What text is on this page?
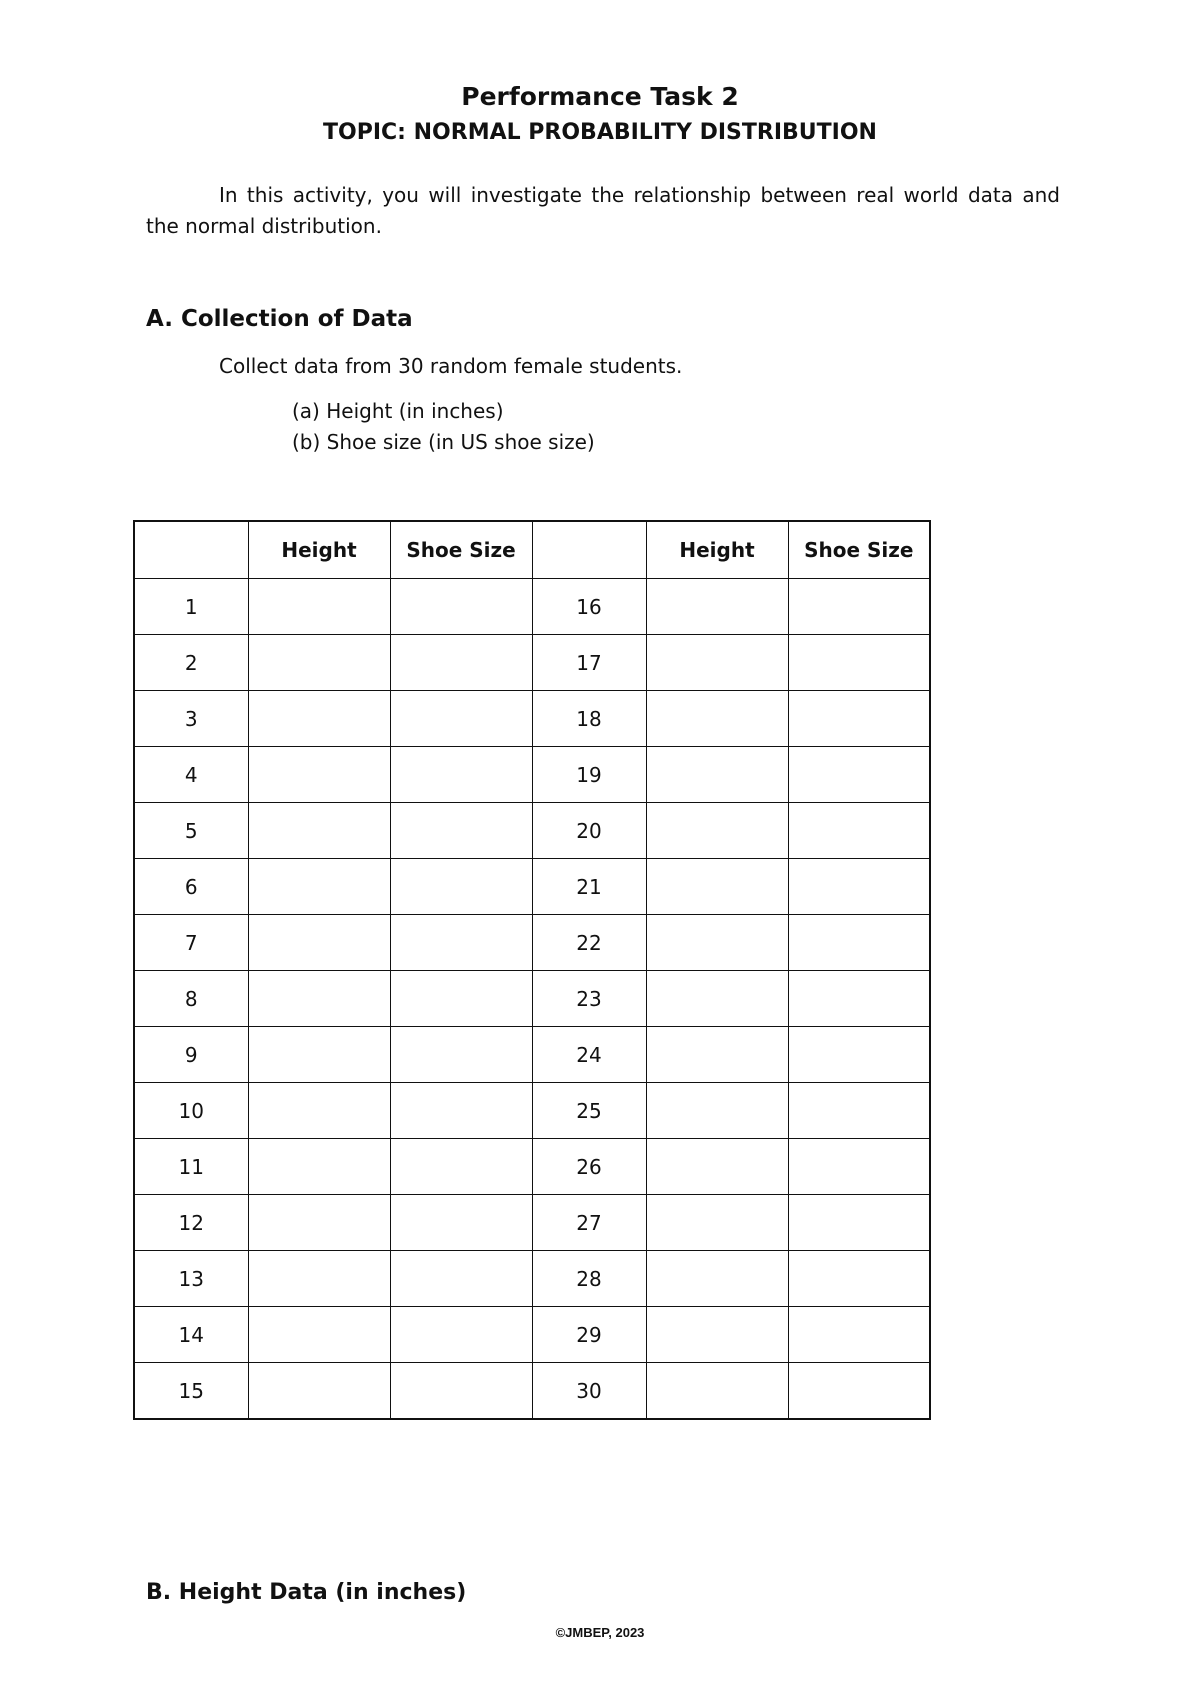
Performance Task 2
TOPIC: NORMAL PROBABILITY DISTRIBUTION

In this activity, you will investigate the relationship between real world data and the normal distribution.

A. Collection of Data
Collect data from 30 random female students.
(a) Height (in inches)
(b) Shoe size (in US shoe size)
	Height	Shoe Size		Height	Shoe Size
1			16		
2			17		
3			18		
4			19		
5			20		
6			21		
7			22		
8			23		
9			24		
10			25		
11			26		
12			27		
13			28		
14			29		
15			30		
B. Height Data (in inches)
©JMBEP, 2023
